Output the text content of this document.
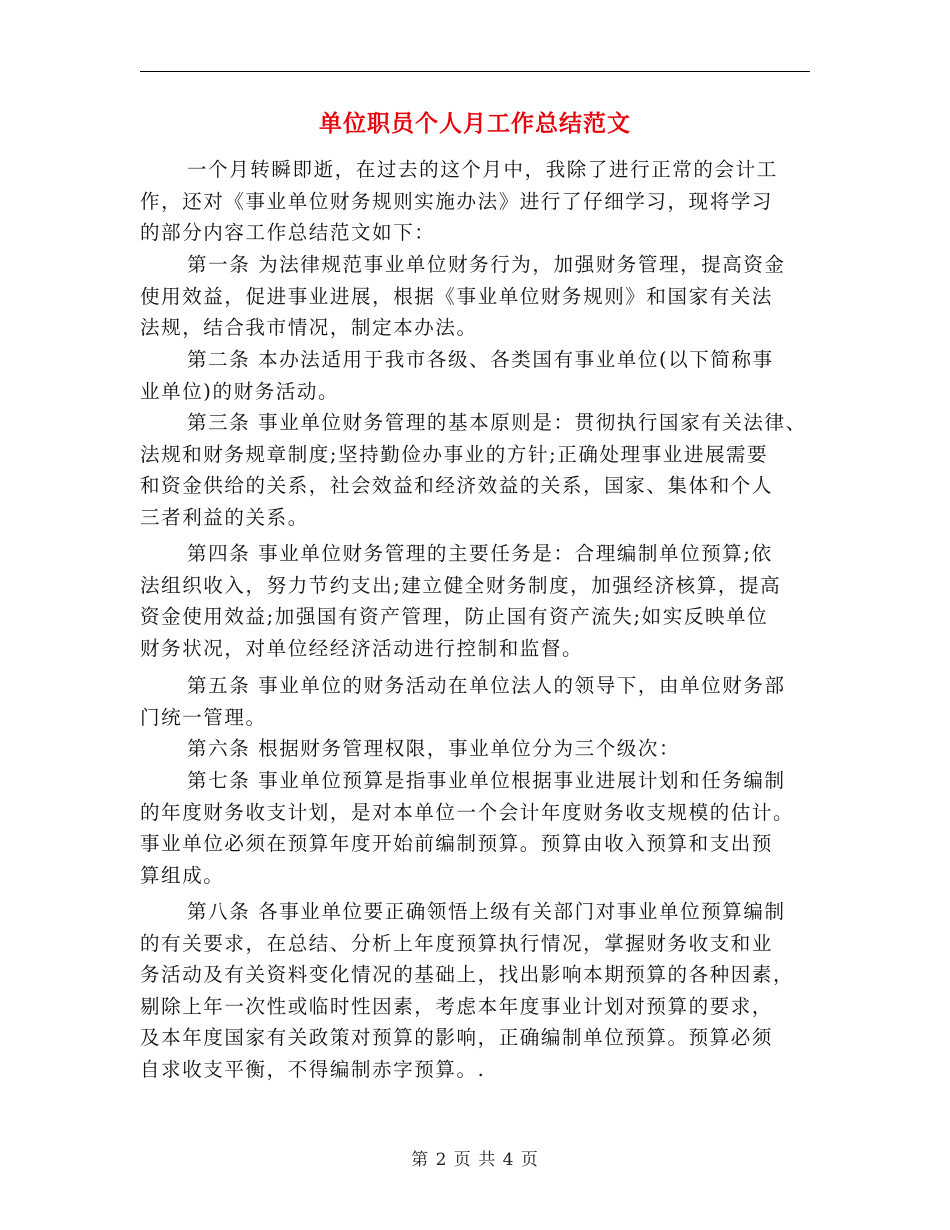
单位职员个人月工作总结范文
一个月转瞬即逝，在过去的这个月中，我除了进行正常的会计工
作，还对《事业单位财务规则实施办法》进行了仔细学习，现将学习
的部分内容工作总结范文如下：
第一条 为法律规范事业单位财务行为，加强财务管理，提高资金
使用效益，促进事业进展，根据《事业单位财务规则》和国家有关法
法规，结合我市情况，制定本办法。
第二条 本办法适用于我市各级、各类国有事业单位(以下简称事
业单位)的财务活动。
第三条 事业单位财务管理的基本原则是：贯彻执行国家有关法律、
法规和财务规章制度;坚持勤俭办事业的方针;正确处理事业进展需要
和资金供给的关系，社会效益和经济效益的关系，国家、集体和个人
三者利益的关系。
第四条 事业单位财务管理的主要任务是：合理编制单位预算;依
法组织收入，努力节约支出;建立健全财务制度，加强经济核算，提高
资金使用效益;加强国有资产管理，防止国有资产流失;如实反映单位
财务状况，对单位经经济活动进行控制和监督。
第五条 事业单位的财务活动在单位法人的领导下，由单位财务部
门统一管理。
第六条 根据财务管理权限，事业单位分为三个级次：
第七条 事业单位预算是指事业单位根据事业进展计划和任务编制
的年度财务收支计划，是对本单位一个会计年度财务收支规模的估计。
事业单位必须在预算年度开始前编制预算。预算由收入预算和支出预
算组成。
第八条 各事业单位要正确领悟上级有关部门对事业单位预算编制
的有关要求，在总结、分析上年度预算执行情况，掌握财务收支和业
务活动及有关资料变化情况的基础上，找出影响本期预算的各种因素，
剔除上年一次性或临时性因素，考虑本年度事业计划对预算的要求，
及本年度国家有关政策对预算的影响，正确编制单位预算。预算必须
自求收支平衡，不得编制赤字预算。.
第 2 页 共 4 页
